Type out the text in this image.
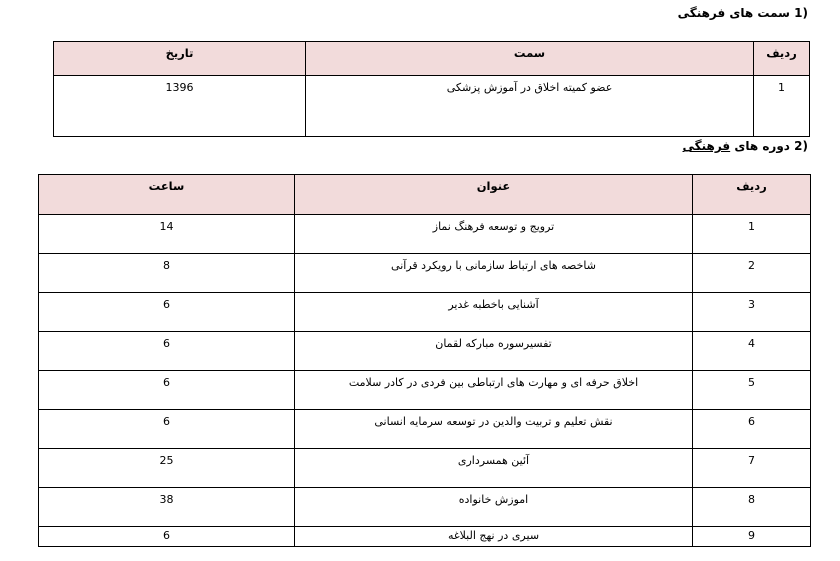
1) سمت های فرهنگی
ردیف	سمت	تاریخ
1	عضو کمیته اخلاق در آموزش پزشکی	1396
2) دوره های فرهنگی
ردیف	عنوان	ساعت
1	ترویج و توسعه فرهنگ نماز	14
2	شاخصه های ارتباط سازمانی با رویکرد قرآنی	8
3	آشنایی باخطبه غدیر	6
4	تفسیرسوره مبارکه لقمان	6
5	اخلاق حرفه ای و مهارت های ارتباطی بین فردی در کادر سلامت	6
6	نقش تعلیم و تربیت والدین در توسعه سرمایه انسانی	6
7	آئین همسرداری	25
8	اموزش خانواده	38
9	سیری در نهج البلاغه	6
